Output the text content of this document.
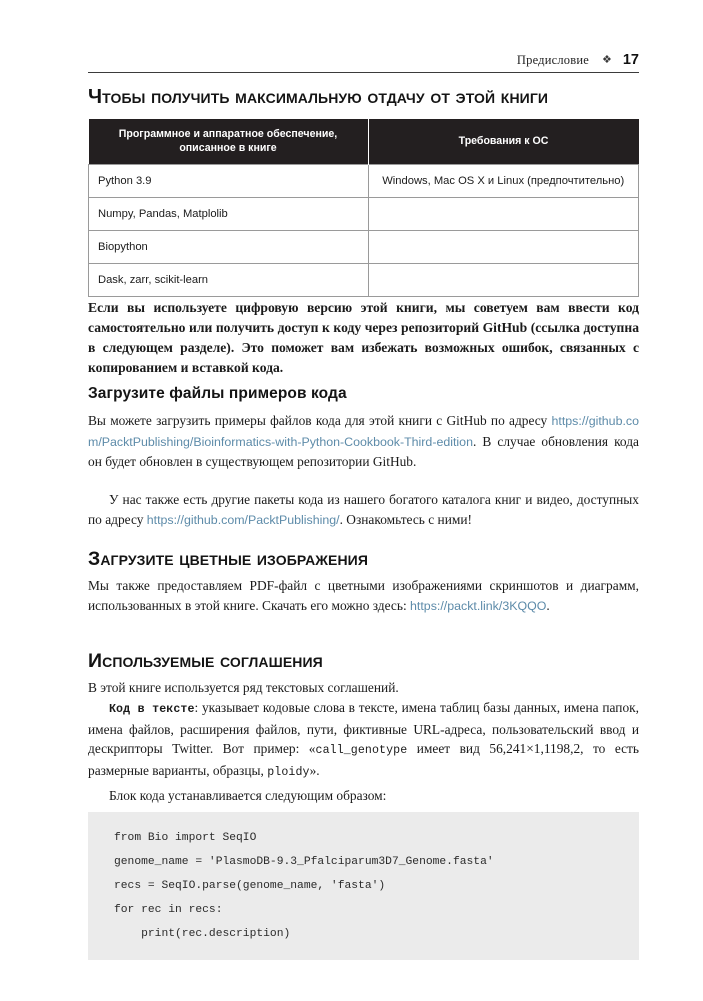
Предисловие ❖ 17
Чтобы получить максимальную отдачу от этой книги
Программное и аппаратное обеспечение,
описанное в книге	Требования к ОС
Python 3.9	Windows, Mac OS X и Linux (предпочтительно)
Numpy, Pandas, Matplolib	
Biopython	
Dask, zarr, scikit-learn	
Если вы используете цифровую версию этой книги, мы советуем вам ввести код самостоятельно или получить доступ к коду через репозиторий GitHub (ссылка доступна в следующем разделе). Это поможет вам избежать возможных ошибок, связанных с копированием и вставкой кода.
Загрузите файлы примеров кода
Вы можете загрузить примеры файлов кода для этой книги с GitHub по адресу https://github.com/PacktPublishing/Bioinformatics-with-Python-Cookbook-Third-edition. В случае обновления кода он будет обновлен в существующем репозитории GitHub.
У нас также есть другие пакеты кода из нашего богатого каталога книг и видео, доступных по адресу https://github.com/PacktPublishing/. Ознакомьтесь с ними!
Загрузите цветные изображения
Мы также предоставляем PDF-файл с цветными изображениями скриншотов и диаграмм, использованных в этой книге. Скачать его можно здесь: https://packt.link/3KQQO.
Используемые соглашения
В этой книге используется ряд текстовых соглашений.
Код в тексте: указывает кодовые слова в тексте, имена таблиц базы данных, имена папок, имена файлов, расширения файлов, пути, фиктивные URL-адреса, пользовательский ввод и дескрипторы Twitter. Вот пример: «call_genotype имеет вид 56,241×1,1198,2, то есть размерные варианты, образцы, ploidy».
Блок кода устанавливается следующим образом:
from Bio import SeqIO
genome_name = 'PlasmoDB-9.3_Pfalciparum3D7_Genome.fasta'
recs = SeqIO.parse(genome_name, 'fasta')
for rec in recs:
print(rec.description)
